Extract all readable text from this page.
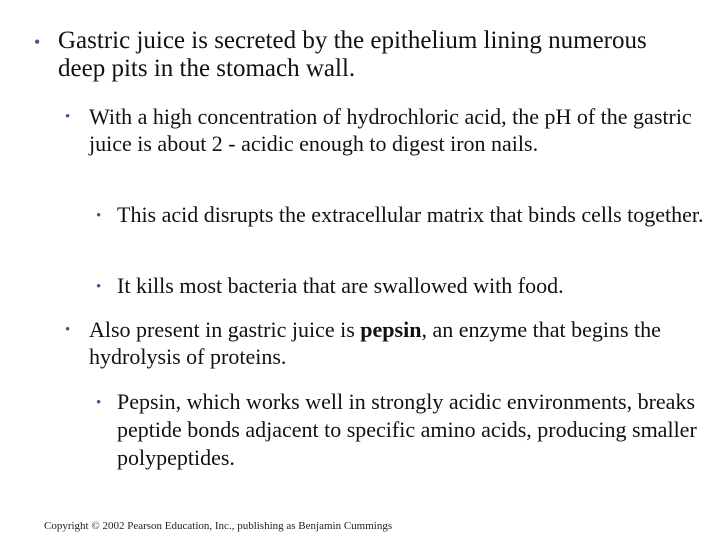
• Gastric juice is secreted by the epithelium lining numerous deep pits in the stomach wall.
• With a high concentration of hydrochloric acid, the pH of the gastric juice is about 2 - acidic enough to digest iron nails.
• This acid disrupts the extracellular matrix that binds cells together.
• It kills most bacteria that are swallowed with food.
• Also present in gastric juice is pepsin, an enzyme that begins the hydrolysis of proteins.
• Pepsin, which works well in strongly acidic environments, breaks peptide bonds adjacent to specific amino acids, producing smaller polypeptides.
Copyright © 2002 Pearson Education, Inc., publishing as Benjamin Cummings
